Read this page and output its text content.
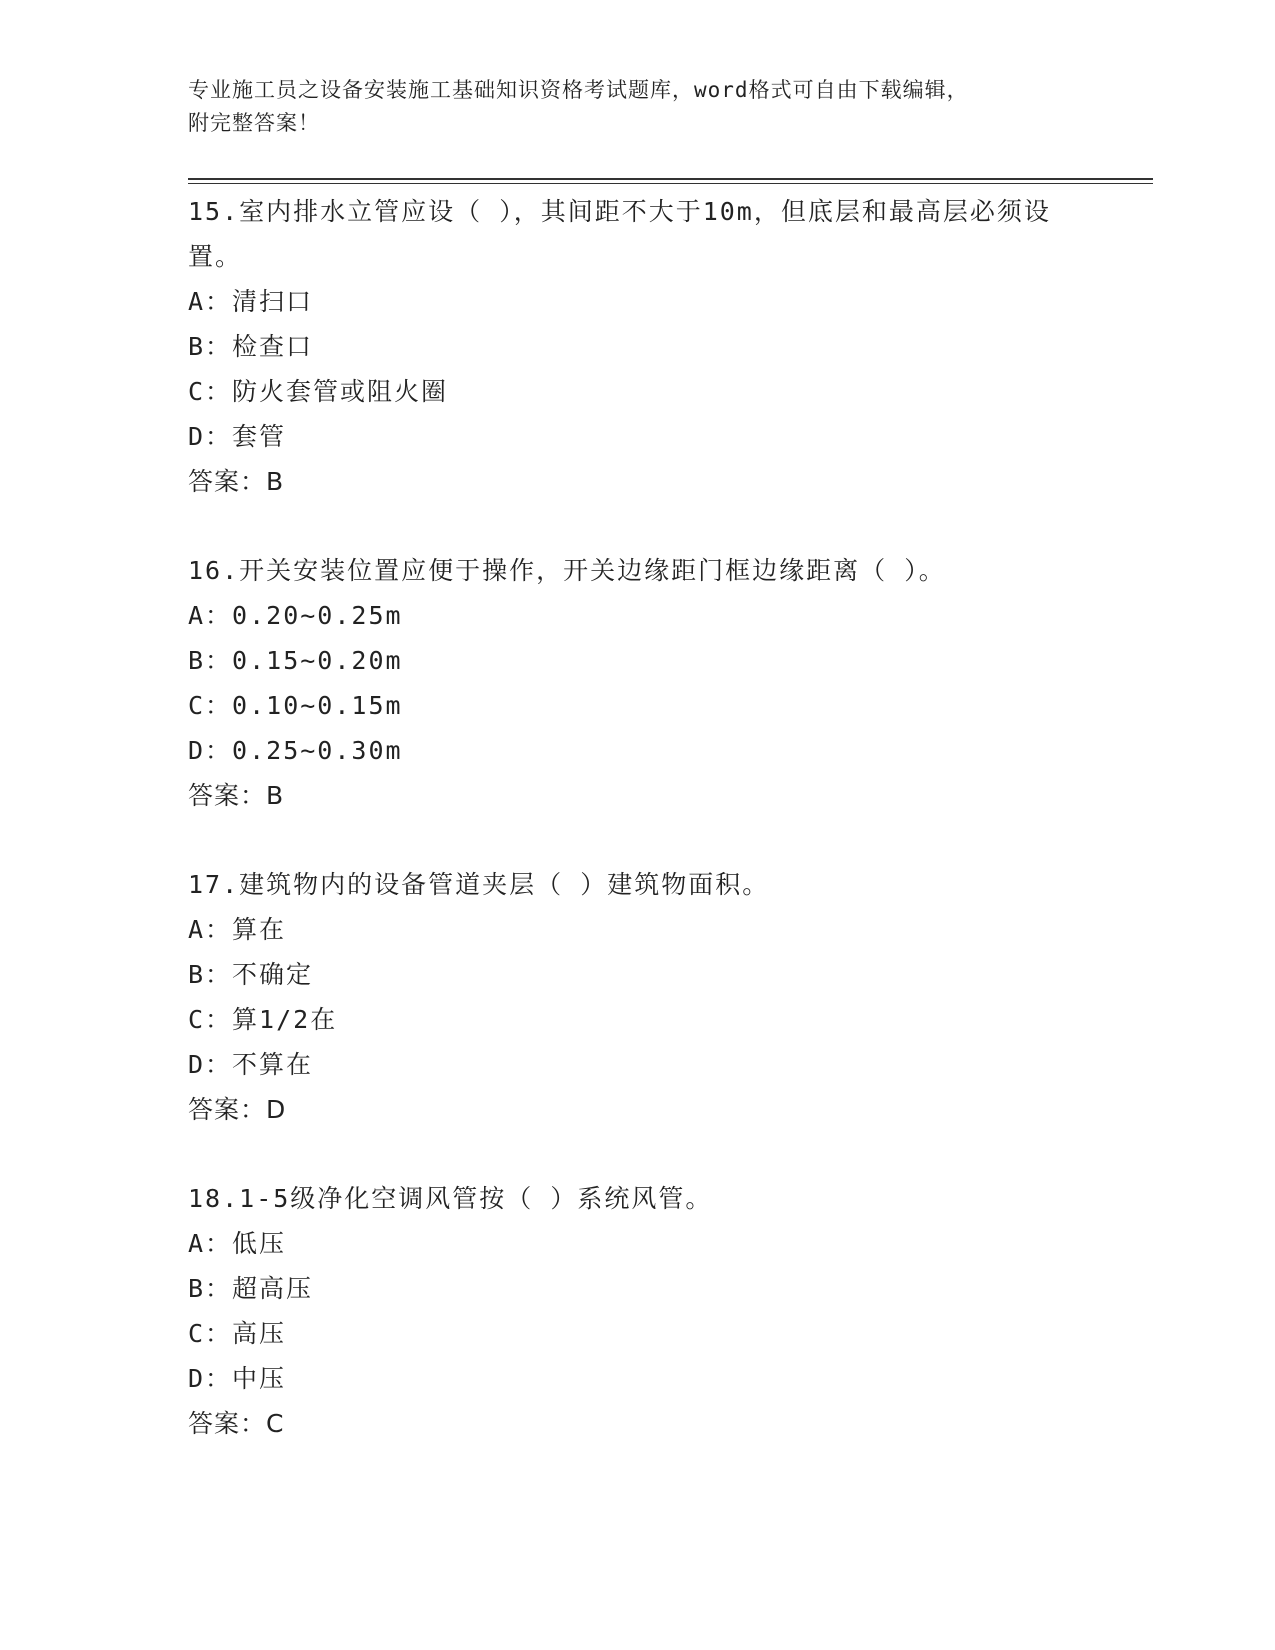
专业施工员之设备安装施工基础知识资格考试题库，word格式可自由下载编辑，
附完整答案！
15.室内排水立管应设（ ），其间距不大于10m，但底层和最高层必须设置。
A：清扫口
B：检查口
C：防火套管或阻火圈
D：套管
答案：B
16.开关安装位置应便于操作，开关边缘距门框边缘距离（ ）。
A：0.20~0.25m
B：0.15~0.20m
C：0.10~0.15m
D：0.25~0.30m
答案：B
17.建筑物内的设备管道夹层（ ）建筑物面积。
A：算在
B：不确定
C：算1/2在
D：不算在
答案：D
18.1-5级净化空调风管按（ ）系统风管。
A：低压
B：超高压
C：高压
D：中压
答案：C
